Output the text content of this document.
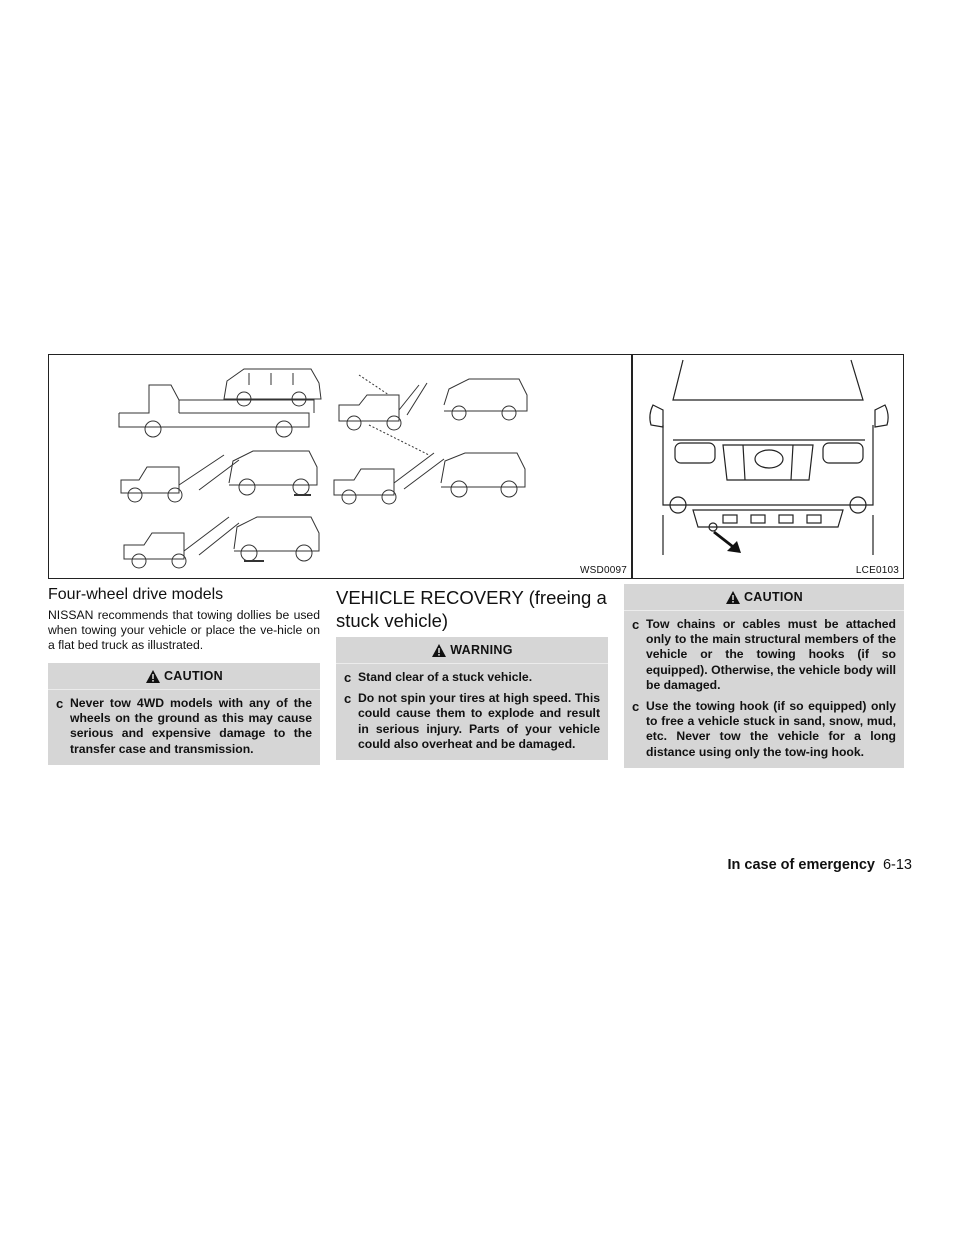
WSD0097	LCE0103
Four-wheel drive models

NISSAN recommends that towing dollies be used when towing your vehicle or place the ve-hicle on a flat bed truck as illustrated.

CAUTION
c Never tow 4WD models with any of the wheels on the ground as this may cause serious and expensive damage to the transfer case and transmission.
VEHICLE RECOVERY (freeing a stuck vehicle)
WARNING
c Stand clear of a stuck vehicle.
c Do not spin your tires at high speed. This could cause them to explode and result in serious injury. Parts of your vehicle could also overheat and be damaged.
CAUTION
c Tow chains or cables must be attached only to the main structural members of the vehicle or the towing hooks (if so equipped). Otherwise, the vehicle body will be damaged.
c Use the towing hook (if so equipped) only to free a vehicle stuck in sand, snow, mud, etc. Never tow the vehicle for a long distance using only the tow-ing hook.
In case of emergency 6-13
